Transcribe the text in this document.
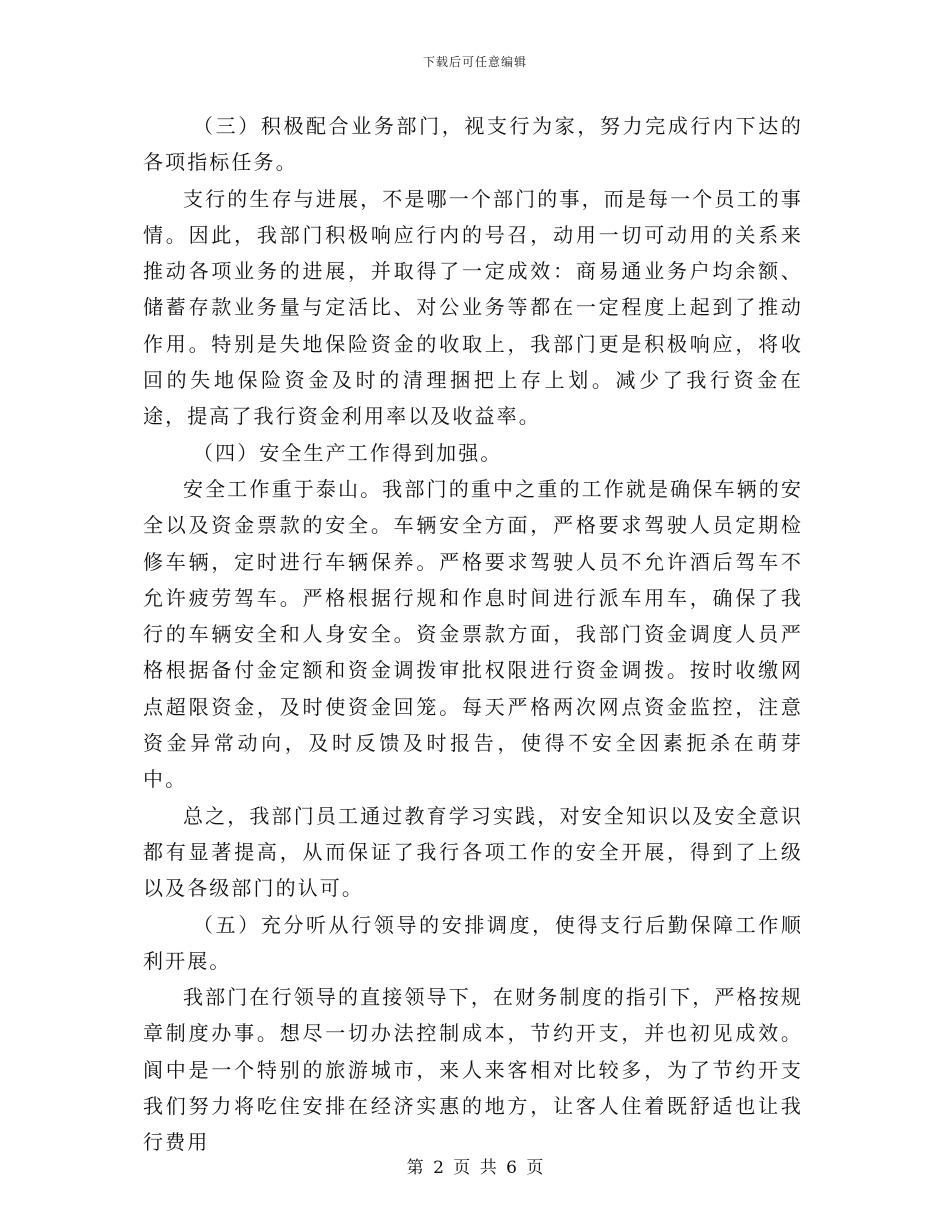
下载后可任意编辑

（三）积极配合业务部门，视支行为家，努力完成行内下达的各项指标任务。

支行的生存与进展，不是哪一个部门的事，而是每一个员工的事情。因此，我部门积极响应行内的号召，动用一切可动用的关系来推动各项业务的进展，并取得了一定成效：商易通业务户均余额、储蓄存款业务量与定活比、对公业务等都在一定程度上起到了推动作用。特别是失地保险资金的收取上，我部门更是积极响应，将收回的失地保险资金及时的清理捆把上存上划。减少了我行资金在途，提高了我行资金利用率以及收益率。

（四）安全生产工作得到加强。

安全工作重于泰山。我部门的重中之重的工作就是确保车辆的安全以及资金票款的安全。车辆安全方面，严格要求驾驶人员定期检修车辆，定时进行车辆保养。严格要求驾驶人员不允许酒后驾车不允许疲劳驾车。严格根据行规和作息时间进行派车用车，确保了我行的车辆安全和人身安全。资金票款方面，我部门资金调度人员严格根据备付金定额和资金调拨审批权限进行资金调拨。按时收缴网点超限资金，及时使资金回笼。每天严格两次网点资金监控，注意资金异常动向，及时反馈及时报告，使得不安全因素扼杀在萌芽中。

总之，我部门员工通过教育学习实践，对安全知识以及安全意识都有显著提高，从而保证了我行各项工作的安全开展，得到了上级以及各级部门的认可。

（五）充分听从行领导的安排调度，使得支行后勤保障工作顺利开展。

我部门在行领导的直接领导下，在财务制度的指引下，严格按规章制度办事。想尽一切办法控制成本，节约开支，并也初见成效。阆中是一个特别的旅游城市，来人来客相对比较多，为了节约开支我们努力将吃住安排在经济实惠的地方，让客人住着既舒适也让我行费用

第 2 页 共 6 页
